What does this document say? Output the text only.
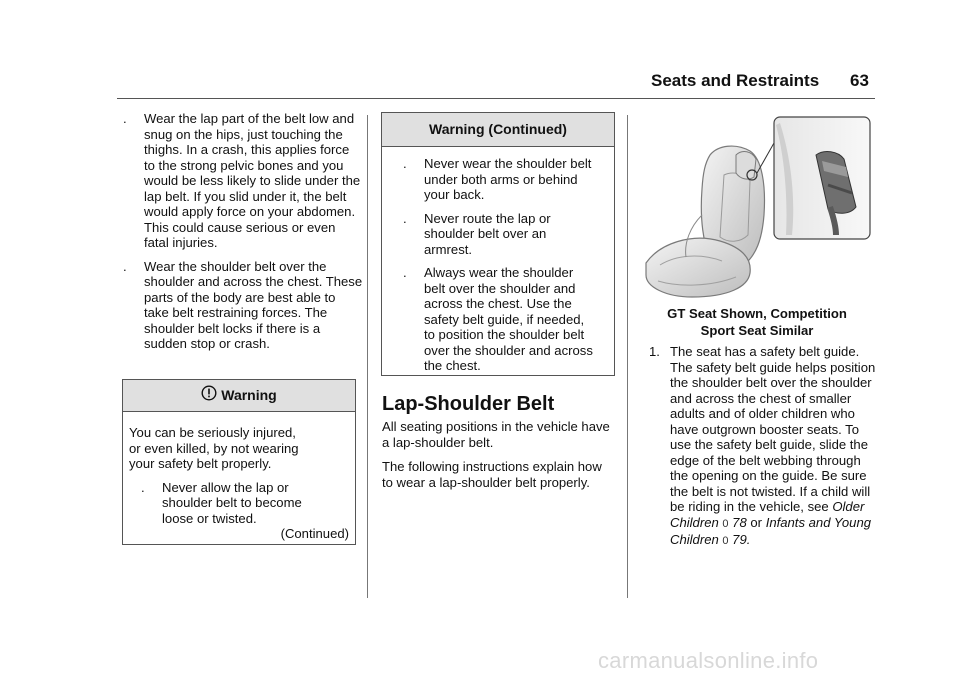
Seats and Restraints 63
. Wear the lap part of the belt low and snug on the hips, just touching the thighs. In a crash, this applies force to the strong pelvic bones and you would be less likely to slide under the lap belt. If you slid under it, the belt would apply force on your abdomen. This could cause serious or even fatal injuries.
. Wear the shoulder belt over the shoulder and across the chest. These parts of the body are best able to take belt restraining forces. The shoulder belt locks if there is a sudden stop or crash.
Warning
You can be seriously injured,
or even killed, by not wearing
your safety belt properly.
. Never allow the lap or shoulder belt to become loose or twisted.
(Continued)
Warning (Continued)
. Never wear the shoulder belt under both arms or behind your back.
. Never route the lap or shoulder belt over an armrest.
. Always wear the shoulder belt over the shoulder and across the chest. Use the safety belt guide, if needed, to position the shoulder belt over the shoulder and across the chest.
Lap-Shoulder Belt
All seating positions in the vehicle have a lap-shoulder belt.
The following instructions explain how to wear a lap-shoulder belt properly.
GT Seat Shown, Competition
Sport Seat Similar
1. The seat has a safety belt guide. The safety belt guide helps position the shoulder belt over the shoulder and across the chest of smaller adults and of older children who have outgrown booster seats. To use the safety belt guide, slide the edge of the belt webbing through the opening on the guide. Be sure the belt is not twisted. If a child will be riding in the vehicle, see Older Children 0 78 or Infants and Young Children 0 79.
carmanualsonline.info
